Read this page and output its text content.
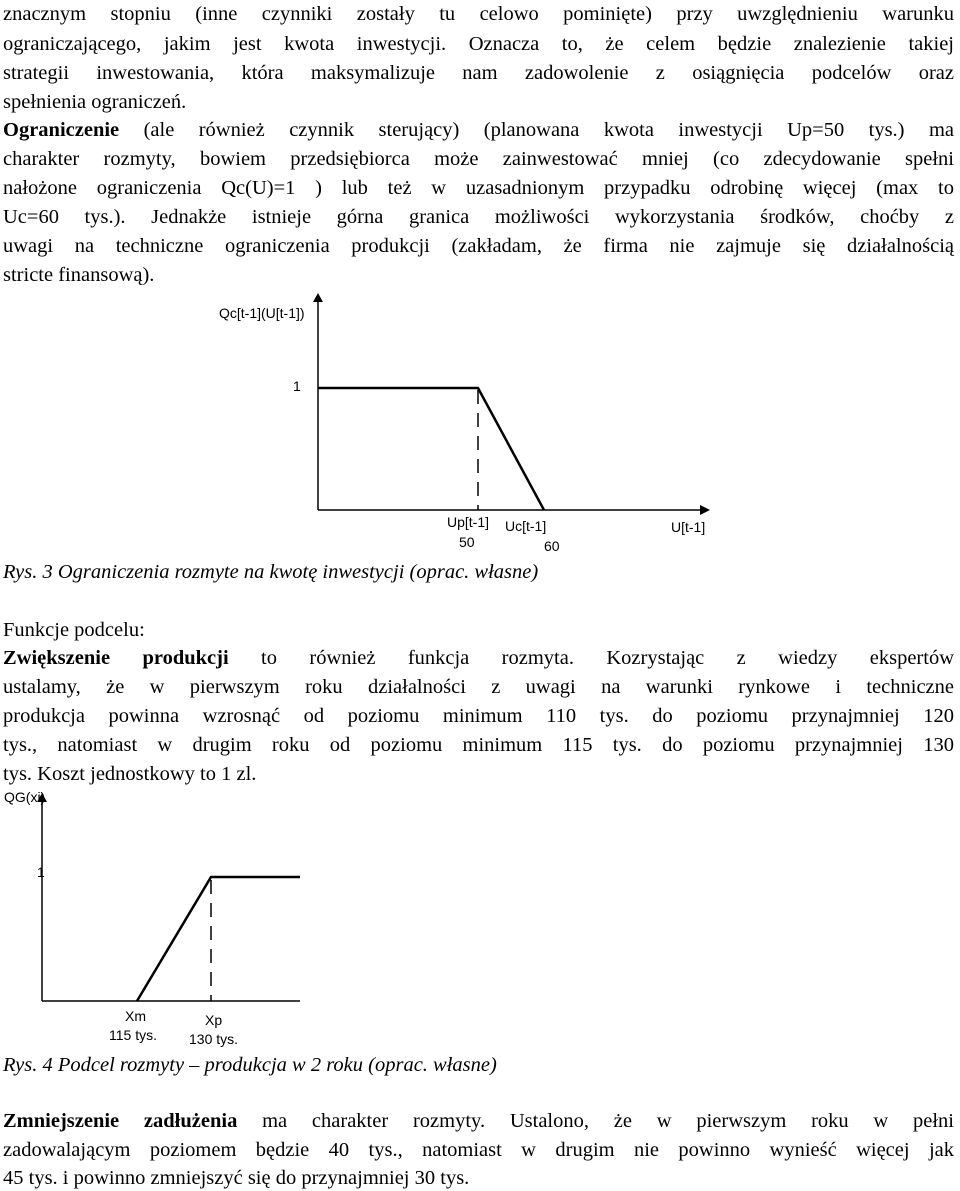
znacznym stopniu (inne czynniki zostały tu celowo pominięte) przy uwzględnieniu warunku
ograniczającego, jakim jest kwota inwestycji. Oznacza to, że celem będzie znalezienie takiej
strategii inwestowania, która maksymalizuje nam zadowolenie z osiągnięcia podcelów oraz
spełnienia ograniczeń.
Ograniczenie (ale również czynnik sterujący) (planowana kwota inwestycji Up=50 tys.) ma
charakter rozmyty, bowiem przedsiębiorca może zainwestować mniej (co zdecydowanie spełni
nałożone ograniczenia Qc(U)=1 ) lub też w uzasadnionym przypadku odrobinę więcej (max to
Uc=60 tys.). Jednakże istnieje górna granica możliwości wykorzystania środków, choćby z
uwagi na techniczne ograniczenia produkcji (zakładam, że firma nie zajmuje się działalnością
stricte finansową).
Qc[t-1](U[t-1])
1
Up[t-1]
50
Uc[t-1]
60
U[t-1]
Rys. 3 Ograniczenia rozmyte na kwotę inwestycji (oprac. własne)
Funkcje podcelu:
Zwiększenie produkcji to również funkcja rozmyta. Kozrystając z wiedzy ekspertów
ustalamy, że w pierwszym roku działalności z uwagi na warunki rynkowe i techniczne
produkcja powinna wzrosnąć od poziomu minimum 110 tys. do poziomu przynajmniej 120
tys., natomiast w drugim roku od poziomu minimum 115 tys. do poziomu przynajmniej 130
tys. Koszt jednostkowy to 1 zl.
QG(xi)
1
Xm
115 tys.
Xp
130 tys.
Rys. 4 Podcel rozmyty – produkcja w 2 roku (oprac. własne)
Zmniejszenie zadłużenia ma charakter rozmyty. Ustalono, że w pierwszym roku w pełni
zadowalającym poziomem będzie 40 tys., natomiast w drugim nie powinno wynieść więcej jak
45 tys. i powinno zmniejszyć się do przynajmniej 30 tys.
